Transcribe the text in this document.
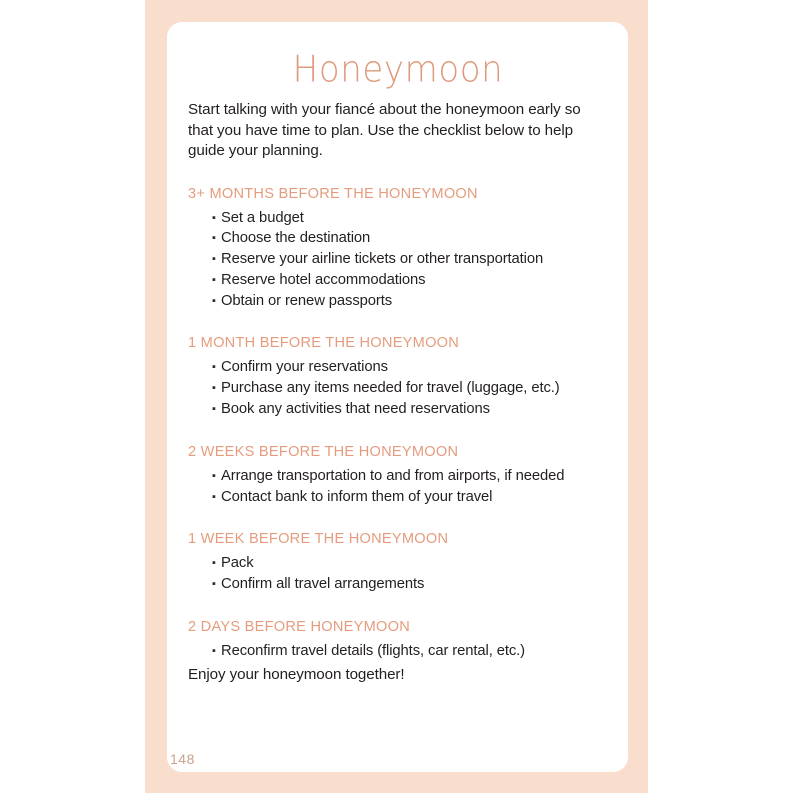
Honeymoon

Start talking with your fiancé about the honeymoon early so that you have time to plan. Use the checklist below to help guide your planning.

3+ MONTHS BEFORE THE HONEYMOON
▪ Set a budget
▪ Choose the destination
▪ Reserve your airline tickets or other transportation
▪ Reserve hotel accommodations
▪ Obtain or renew passports
1 MONTH BEFORE THE HONEYMOON
▪ Confirm your reservations
▪ Purchase any items needed for travel (luggage, etc.)
▪ Book any activities that need reservations
2 WEEKS BEFORE THE HONEYMOON
▪ Arrange transportation to and from airports, if needed
▪ Contact bank to inform them of your travel
1 WEEK BEFORE THE HONEYMOON
▪ Pack
▪ Confirm all travel arrangements
2 DAYS BEFORE HONEYMOON
▪ Reconfirm travel details (flights, car rental, etc.)

Enjoy your honeymoon together!

148
